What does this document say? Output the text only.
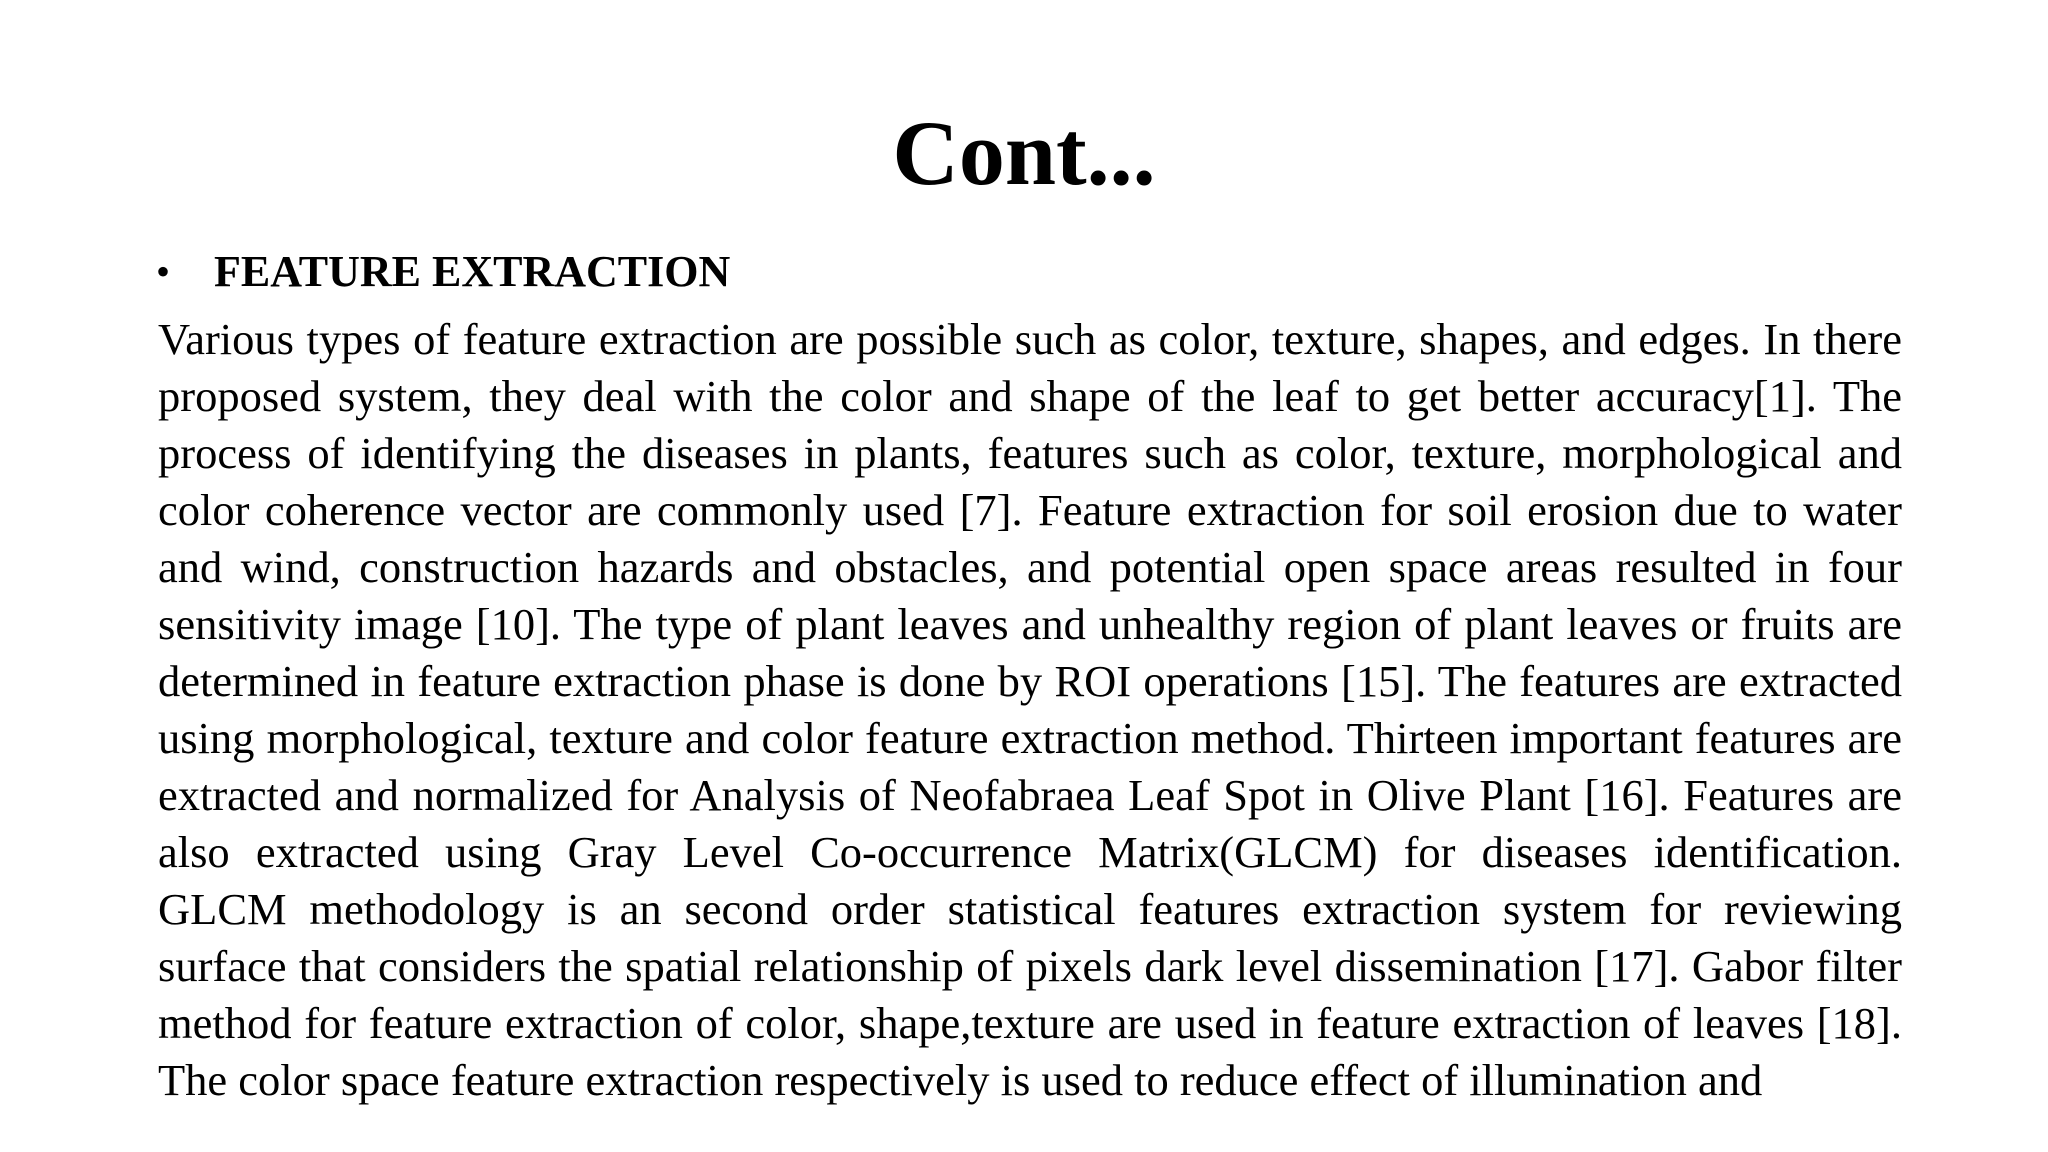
Cont...
• FEATURE EXTRACTION

Various types of feature extraction are possible such as color, texture, shapes, and edges. In there proposed system, they deal with the color and shape of the leaf to get better accuracy[1]. The process of identifying the diseases in plants, features such as color, texture, morphological and color coherence vector are commonly used [7]. Feature extraction for soil erosion due to water and wind, construction hazards and obstacles, and potential open space areas resulted in four sensitivity image [10]. The type of plant leaves and unhealthy region of plant leaves or fruits are determined in feature extraction phase is done by ROI operations [15]. The features are extracted using morphological, texture and color feature extraction method. Thirteen important features are extracted and normalized for Analysis of Neofabraea Leaf Spot in Olive Plant [16]. Features are also extracted using Gray Level Co-occurrence Matrix(GLCM) for diseases identification. GLCM methodology is an second order statistical features extraction system for reviewing surface that considers the spatial relationship of pixels dark level dissemination [17]. Gabor filter method for feature extraction of color, shape,texture are used in feature extraction of leaves [18]. The color space feature extraction respectively is used to reduce effect of illumination and
